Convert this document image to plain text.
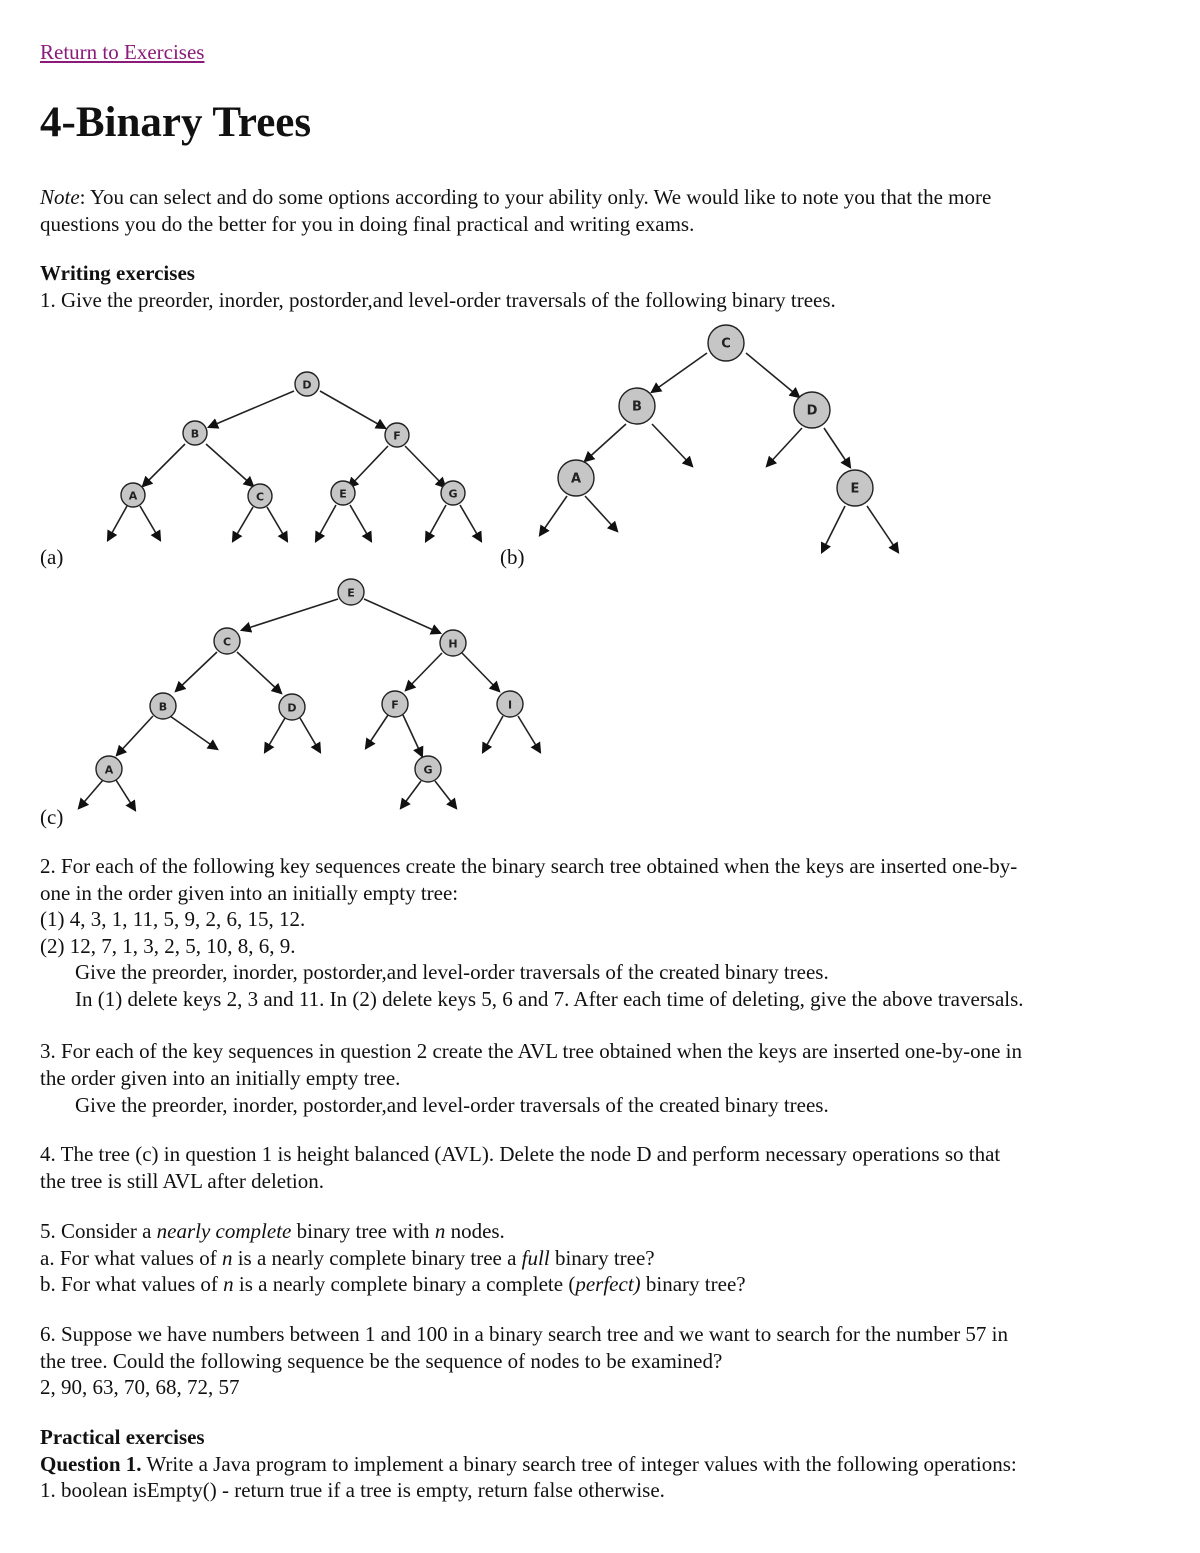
Return to Exercises
4-Binary Trees
Note: You can select and do some options according to your ability only. We would like to note you that the more
questions you do the better for you in doing final practical and writing exams.
Writing exercises
1. Give the preorder, inorder, postorder,and level-order traversals of the following binary trees.
D
B	F
A	C	E	G
C
B	D
A
E
E
C	H
B	D	F	I
A	G
(a)	(b)
(c)
2. For each of the following key sequences create the binary search tree obtained when the keys are inserted one-by-
one in the order given into an initially empty tree:
(1) 4, 3, 1, 11, 5, 9, 2, 6, 15, 12.
(2) 12, 7, 1, 3, 2, 5, 10, 8, 6, 9.
Give the preorder, inorder, postorder,and level-order traversals of the created binary trees.
In (1) delete keys 2, 3 and 11. In (2) delete keys 5, 6 and 7. After each time of deleting, give the above traversals.
3. For each of the key sequences in question 2 create the AVL tree obtained when the keys are inserted one-by-one in
the order given into an initially empty tree.
Give the preorder, inorder, postorder,and level-order traversals of the created binary trees.
4. The tree (c) in question 1 is height balanced (AVL). Delete the node D and perform necessary operations so that
the tree is still AVL after deletion.
5. Consider a nearly complete binary tree with n nodes.
a. For what values of n is a nearly complete binary tree a full binary tree?
b. For what values of n is a nearly complete binary a complete (perfect) binary tree?
6. Suppose we have numbers between 1 and 100 in a binary search tree and we want to search for the number 57 in
the tree. Could the following sequence be the sequence of nodes to be examined?
2, 90, 63, 70, 68, 72, 57
Practical exercises
Question 1. Write a Java program to implement a binary search tree of integer values with the following operations:
1. boolean isEmpty() - return true if a tree is empty, return false otherwise.
